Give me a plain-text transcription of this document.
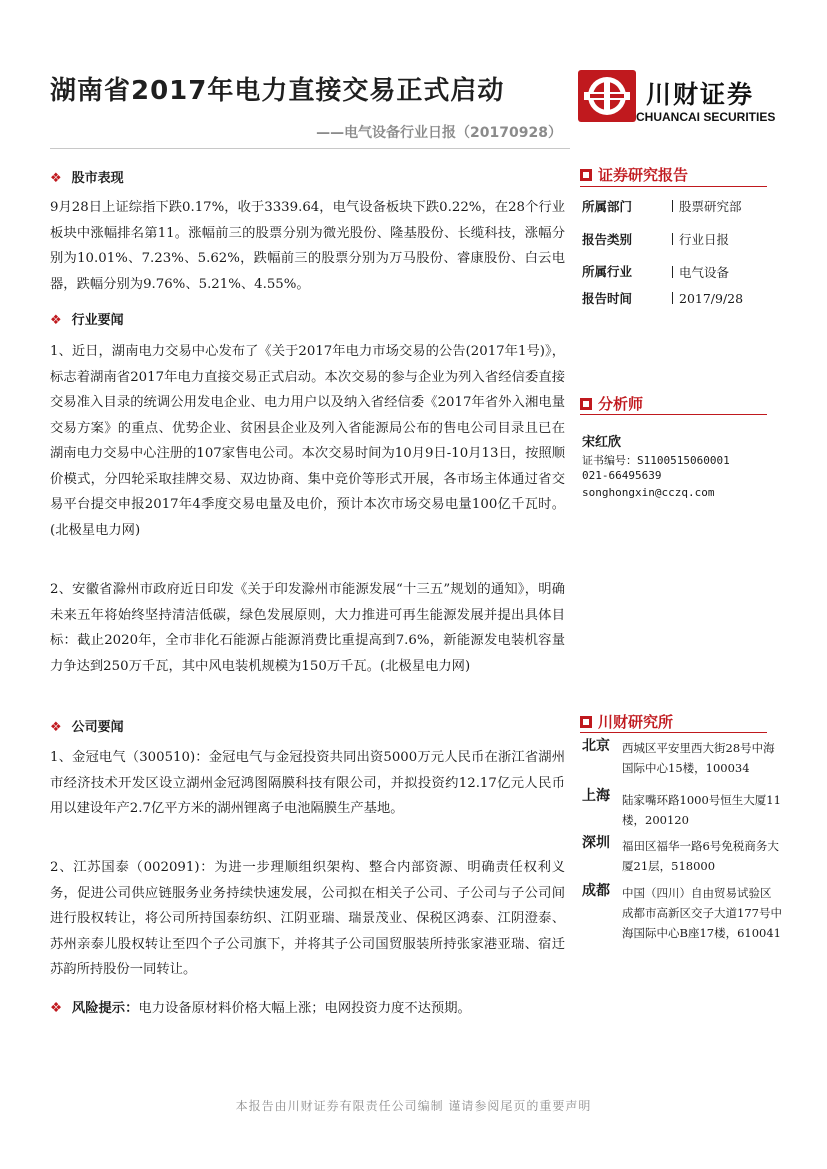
湖南省2017年电力直接交易正式启动
——电气设备行业日报（20170928）
川财证券
CHUANCAI SECURITIES
❖ 股市表现
9月28日上证综指下跌0.17%，收于3339.64，电气设备板块下跌0.22%，在28个行业板块中涨幅排名第11。涨幅前三的股票分别为微光股份、隆基股份、长缆科技，涨幅分别为10.01%、7.23%、5.62%，跌幅前三的股票分别为万马股份、睿康股份、白云电器，跌幅分别为9.76%、5.21%、4.55%。
❖ 行业要闻
1、近日，湖南电力交易中心发布了《关于2017年电力市场交易的公告(2017年1号)》，标志着湖南省2017年电力直接交易正式启动。本次交易的参与企业为列入省经信委直接交易准入目录的统调公用发电企业、电力用户以及纳入省经信委《2017年省外入湘电量交易方案》的重点、优势企业、贫困县企业及列入省能源局公布的售电公司目录且已在湖南电力交易中心注册的107家售电公司。本次交易时间为10月9日-10月13日，按照顺价模式，分四轮采取挂牌交易、双边协商、集中竞价等形式开展，各市场主体通过省交易平台提交申报2017年4季度交易电量及电价，预计本次市场交易电量100亿千瓦时。(北极星电力网)
2、安徽省滁州市政府近日印发《关于印发滁州市能源发展“十三五”规划的通知》，明确未来五年将始终坚持清洁低碳，绿色发展原则，大力推进可再生能源发展并提出具体目标：截止2020年，全市非化石能源占能源消费比重提高到7.6%，新能源发电装机容量力争达到250万千瓦，其中风电装机规模为150万千瓦。(北极星电力网)
❖ 公司要闻
1、金冠电气（300510)：金冠电气与金冠投资共同出资5000万元人民币在浙江省湖州市经济技术开发区设立湖州金冠鸿图隔膜科技有限公司，并拟投资约12.17亿元人民币用以建设年产2.7亿平方米的湖州锂离子电池隔膜生产基地。
2、江苏国泰（002091)：为进一步理顺组织架构、整合内部资源、明确责任权利义务，促进公司供应链服务业务持续快速发展，公司拟在相关子公司、子公司与子公司间进行股权转让，将公司所持国泰纺织、江阴亚瑞、瑞景茂业、保税区鸿泰、江阴澄泰、苏州亲泰儿股权转让至四个子公司旗下，并将其子公司国贸服装所持张家港亚瑞、宿迁苏韵所持股份一同转让。
❖ 风险提示：电力设备原材料价格大幅上涨；电网投资力度不达预期。
证券研究报告
所属部门	股票研究部
报告类别	行业日报
所属行业	电气设备
报告时间	2017/9/28
分析师
宋红欣
证书编号：S1100515060001
021-66495639
songhongxin@cczq.com
川财研究所
北京 西城区平安里西大街28号中海国际中心15楼，100034
上海 陆家嘴环路1000号恒生大厦11楼，200120
深圳 福田区福华一路6号免税商务大厦21层，518000
成都 中国（四川）自由贸易试验区成都市高新区交子大道177号中海国际中心B座17楼，610041
本报告由川财证券有限责任公司编制 谨请参阅尾页的重要声明
